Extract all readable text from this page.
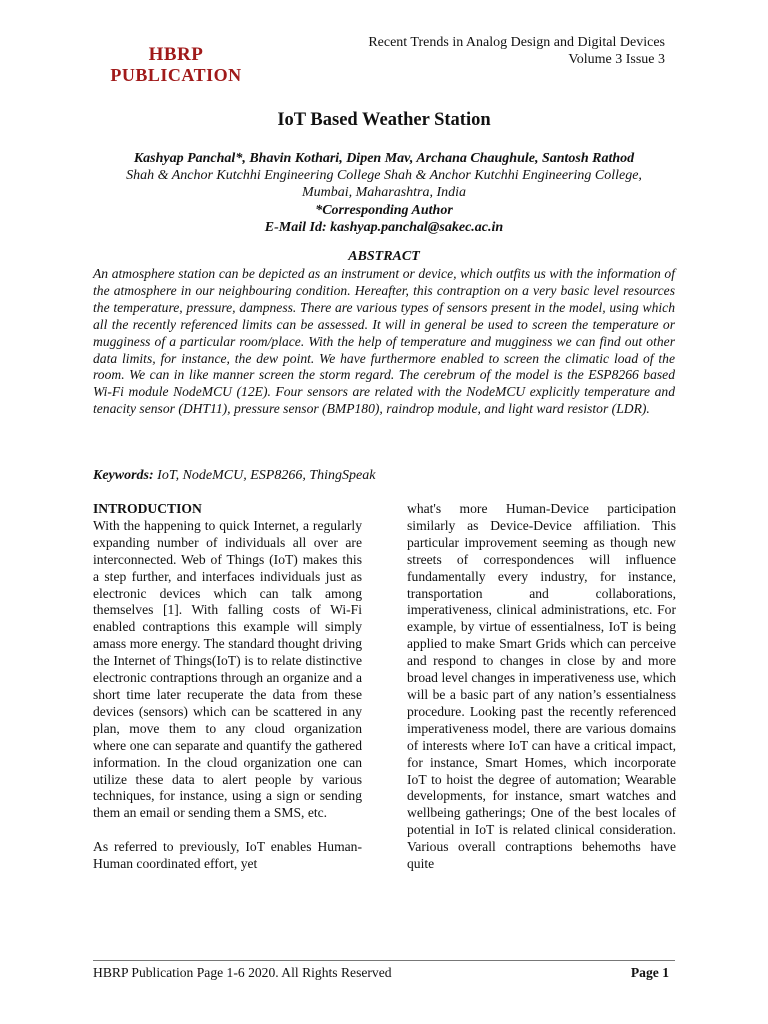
HBRP
PUBLICATION
Recent Trends in Analog Design and Digital Devices
Volume 3 Issue 3
IoT Based Weather Station
Kashyap Panchal*, Bhavin Kothari, Dipen Mav, Archana Chaughule, Santosh Rathod
Shah & Anchor Kutchhi Engineering College Shah & Anchor Kutchhi Engineering College,
Mumbai, Maharashtra, India
*Corresponding Author
E-Mail Id: kashyap.panchal@sakec.ac.in
ABSTRACT

An atmosphere station can be depicted as an instrument or device, which outfits us with the information of the atmosphere in our neighbouring condition. Hereafter, this contraption on a very basic level resources the temperature, pressure, dampness. There are various types of sensors present in the model, using which all the recently referenced limits can be assessed. It will in general be used to screen the temperature or mugginess of a particular room/place. With the help of temperature and mugginess we can find out other data limits, for instance, the dew point. We have furthermore enabled to screen the climatic load of the room. We can in like manner screen the storm regard. The cerebrum of the model is the ESP8266 based Wi-Fi module NodeMCU (12E). Four sensors are related with the NodeMCU explicitly temperature and tenacity sensor (DHT11), pressure sensor (BMP180), raindrop module, and light ward resistor (LDR).

Keywords: IoT, NodeMCU, ESP8266, ThingSpeak

INTRODUCTION

With the happening to quick Internet, a regularly expanding number of individuals all over are interconnected. Web of Things (IoT) makes this a step further, and interfaces individuals just as electronic devices which can talk among themselves [1]. With falling costs of Wi-Fi enabled contraptions this example will simply amass more energy. The standard thought driving the Internet of Things(IoT) is to relate distinctive electronic contraptions through an organize and a short time later recuperate the data from these devices (sensors) which can be scattered in any plan, move them to any cloud organization where one can separate and quantify the gathered information. In the cloud organization one can utilize these data to alert people by various techniques, for instance, using a sign or sending them an email or sending them a SMS, etc.

As referred to previously, IoT enables Human-Human coordinated effort, yet

what's more Human-Device participation similarly as Device-Device affiliation. This particular improvement seeming as though new streets of correspondences will influence fundamentally every industry, for instance, transportation and collaborations, imperativeness, clinical administrations, etc. For example, by virtue of essentialness, IoT is being applied to make Smart Grids which can perceive and respond to changes in close by and more broad level changes in imperativeness use, which will be a basic part of any nation’s essentialness procedure. Looking past the recently referenced imperativeness model, there are various domains of interests where IoT can have a critical impact, for instance, Smart Homes, which incorporate IoT to hoist the degree of automation; Wearable developments, for instance, smart watches and wellbeing gatherings; One of the best locales of potential in IoT is related clinical consideration. Various overall contraptions behemoths have quite

HBRP Publication Page 1-6 2020. All Rights Reserved	Page 1
